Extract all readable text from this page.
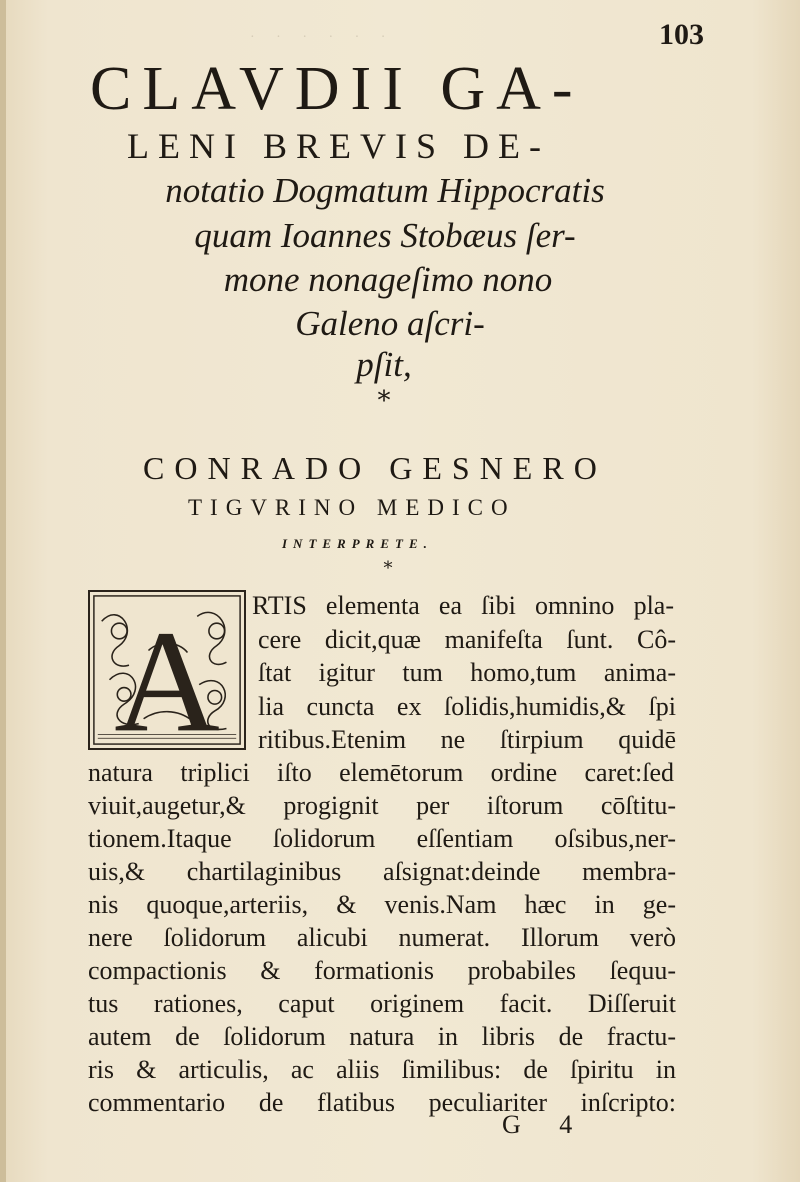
· · · · · ·	103
CLAVDII GA-
LENI BREVIS DE-
notatio Dogmatum Hippocratis
quam Ioannes Stobæus ſer-
mone nonageſimo nono
Galeno aſcri-
pſit,
*
CONRADO GESNERO
TIGVRINO MEDICO
INTERPRETE.
*
A RTIS elementa ea ſibi omnino pla-
cere dicit,quæ manifeſta ſunt. Cô-
ſtat igitur tum homo,tum anima-
lia cuncta ex ſolidis,humidis,& ſpi
ritibus.Etenim ne ſtirpium quidē
natura triplici iſto elemētorum ordine caret:ſed
viuit,augetur,& progignit per iſtorum cōſtitu-
tionem.Itaque ſolidorum eſſentiam oſsibus,ner-
uis,& chartilaginibus aſsignat:deinde membra-
nis quoque,arteriis, & venis.Nam hæc in ge-
nere ſolidorum alicubi numerat. Illorum verò
compactionis & formationis probabiles ſequu-
tus rationes, caput originem facit. Diſſeruit
autem de ſolidorum natura in libris de fractu-
ris & articulis, ac aliis ſimilibus: de ſpiritu in
commentario de flatibus peculiariter inſcripto:
G 4
